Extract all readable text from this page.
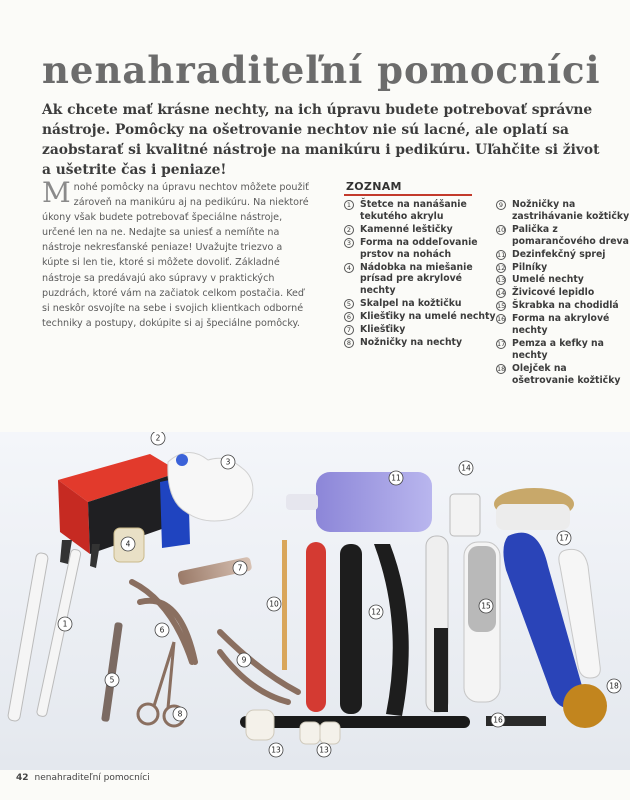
nenahraditeľní pomocníci

Ak chcete mať krásne nechty, na ich úpravu budete potrebovať správne nástroje. Pomôcky na ošetrovanie nechtov nie sú lacné, ale oplatí sa zaobstarať si kvalitné nástroje na manikúru i pedikúru. Uľahčite si život a ušetrite čas i peniaze!

Mnohé pomôcky na úpravu nechtov môžete použiť zároveň na manikúru aj na pedikúru. Na niektoré úkony však budete potrebovať špeciálne nástroje, určené len na ne. Nedajte sa uniesť a nemíňte na nástroje nekresťanské peniaze! Uvažujte triezvo a kúpte si len tie, ktoré si môžete dovoliť. Základné nástroje sa predávajú ako súpravy v praktických puzdrách, ktoré vám na začiatok celkom postačia. Keď si neskôr osvojíte na sebe i svojich klientkach odborné techniky a postupy, dokúpite si aj špeciálne pomôcky.
ZOZNAM
1 Štetce na nanášanie tekutého akrylu
2 Kamenné leštičky
3 Forma na oddeľovanie prstov na nohách
4 Nádobka na miešanie prísad pre akrylové nechty
5 Skalpel na kožtičku
6 Kliešťiky na umelé nechty
7 Kliešťiky
8 Nožničky na nechty
9 Nožničky na zastrihávanie kožtičky
10 Palička z pomarančového dreva
11 Dezinfekčný sprej
12 Pilníky
13 Umelé nechty
14 Živicové lepidlo
15 Škrabka na chodidlá
16 Forma na akrylové nechty
17 Pemza a kefky na nechty
18 Olejček na ošetrovanie kožtičky
1
2
3
4
5
6
7
8
9
10
11
12
13	13
14
15
16
17
18
42 nenahraditeľní pomocníci
